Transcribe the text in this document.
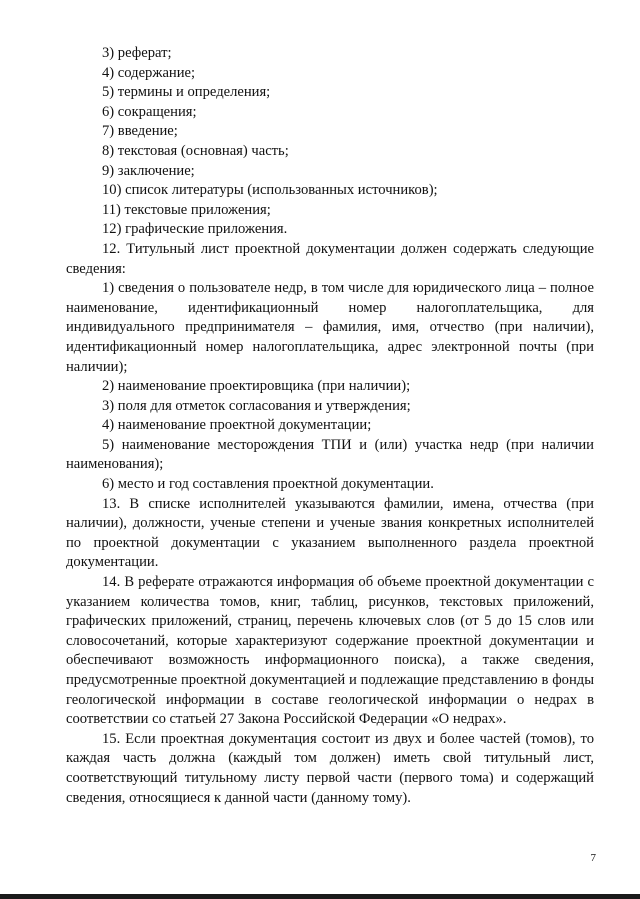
3) реферат;

4) содержание;

5) термины и определения;

6) сокращения;

7) введение;

8) текстовая (основная) часть;

9) заключение;

10) список литературы (использованных источников);

11) текстовые приложения;

12) графические приложения.

12. Титульный лист проектной документации должен содержать следующие сведения:

1) сведения о пользователе недр, в том числе для юридического лица – полное наименование, идентификационный номер налогоплательщика, для индивидуального предпринимателя – фамилия, имя, отчество (при наличии), идентификационный номер налогоплательщика, адрес электронной почты (при наличии);

2) наименование проектировщика (при наличии);

3) поля для отметок согласования и утверждения;

4) наименование проектной документации;

5) наименование месторождения ТПИ и (или) участка недр (при наличии наименования);

6) место и год составления проектной документации.

13. В списке исполнителей указываются фамилии, имена, отчества (при наличии), должности, ученые степени и ученые звания конкретных исполнителей по проектной документации с указанием выполненного раздела проектной документации.

14. В реферате отражаются информация об объеме проектной документации с указанием количества томов, книг, таблиц, рисунков, текстовых приложений, графических приложений, страниц, перечень ключевых слов (от 5 до 15 слов или словосочетаний, которые характеризуют содержание проектной документации и обеспечивают возможность информационного поиска), а также сведения, предусмотренные проектной документацией и подлежащие представлению в фонды геологической информации в составе геологической информации о недрах в соответствии со статьей 27 Закона Российской Федерации «О недрах».

15. Если проектная документация состоит из двух и более частей (томов), то каждая часть должна (каждый том должен) иметь свой титульный лист, соответствующий титульному листу первой части (первого тома) и содержащий сведения, относящиеся к данной части (данному тому).

7
